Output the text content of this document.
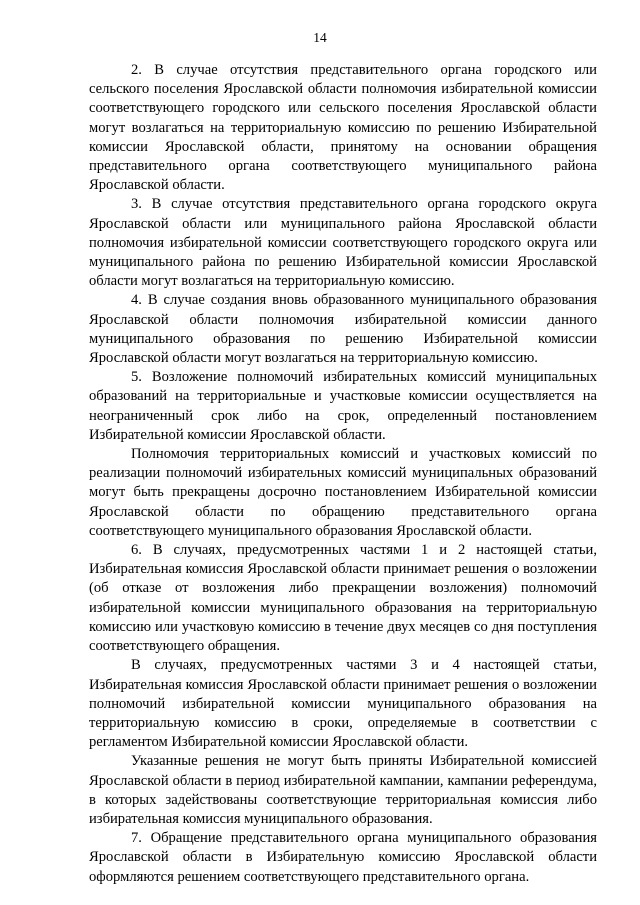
14

2. В случае отсутствия представительного органа городского или сельского поселения Ярославской области полномочия избирательной комиссии соответствующего городского или сельского поселения Ярославской области могут возлагаться на территориальную комиссию по решению Избирательной комиссии Ярославской области, принятому на основании обращения представительного органа соответствующего муниципального района Ярославской области.

3. В случае отсутствия представительного органа городского округа Ярославской области или муниципального района Ярославской области полномочия избирательной комиссии соответствующего городского округа или муниципального района по решению Избирательной комиссии Ярославской области могут возлагаться на территориальную комиссию.

4. В случае создания вновь образованного муниципального образования Ярославской области полномочия избирательной комиссии данного муниципального образования по решению Избирательной комиссии Ярославской области могут возлагаться на территориальную комиссию.

5. Возложение полномочий избирательных комиссий муниципальных образований на территориальные и участковые комиссии осуществляется на неограниченный срок либо на срок, определенный постановлением Избирательной комиссии Ярославской области.

Полномочия территориальных комиссий и участковых комиссий по реализации полномочий избирательных комиссий муниципальных образований могут быть прекращены досрочно постановлением Избирательной комиссии Ярославской области по обращению представительного органа соответствующего муниципального образования Ярославской области.

6. В случаях, предусмотренных частями 1 и 2 настоящей статьи, Избирательная комиссия Ярославской области принимает решения о возложении (об отказе от возложения либо прекращении возложения) полномочий избирательной комиссии муниципального образования на территориальную комиссию или участковую комиссию в течение двух месяцев со дня поступления соответствующего обращения.

В случаях, предусмотренных частями 3 и 4 настоящей статьи, Избирательная комиссия Ярославской области принимает решения о возложении полномочий избирательной комиссии муниципального образования на территориальную комиссию в сроки, определяемые в соответствии с регламентом Избирательной комиссии Ярославской области.

Указанные решения не могут быть приняты Избирательной комиссией Ярославской области в период избирательной кампании, кампании референдума, в которых задействованы соответствующие территориальная комиссия либо избирательная комиссия муниципального образования.

7. Обращение представительного органа муниципального образования Ярославской области в Избирательную комиссию Ярославской области оформляются решением соответствующего представительного органа.
